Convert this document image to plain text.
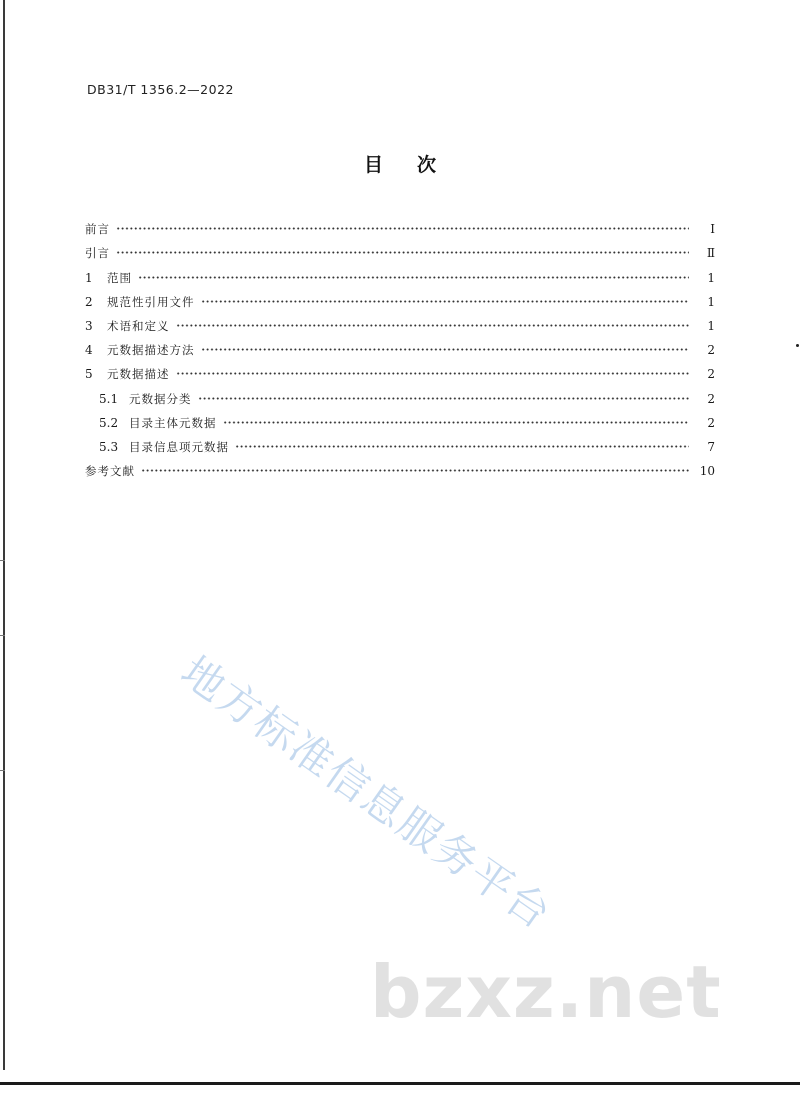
DB31/T 1356.2—2022
目次
前言	Ⅰ
引言	Ⅱ
1	范围	1
2	规范性引用文件	1
3	术语和定义	1
4	元数据描述方法	2
5	元数据描述	2
5.1 元数据分类	2
5.2 目录主体元数据	2
5.3 目录信息项元数据	7
参考文献	10
地方标准信息服务平台
bzxz.net
